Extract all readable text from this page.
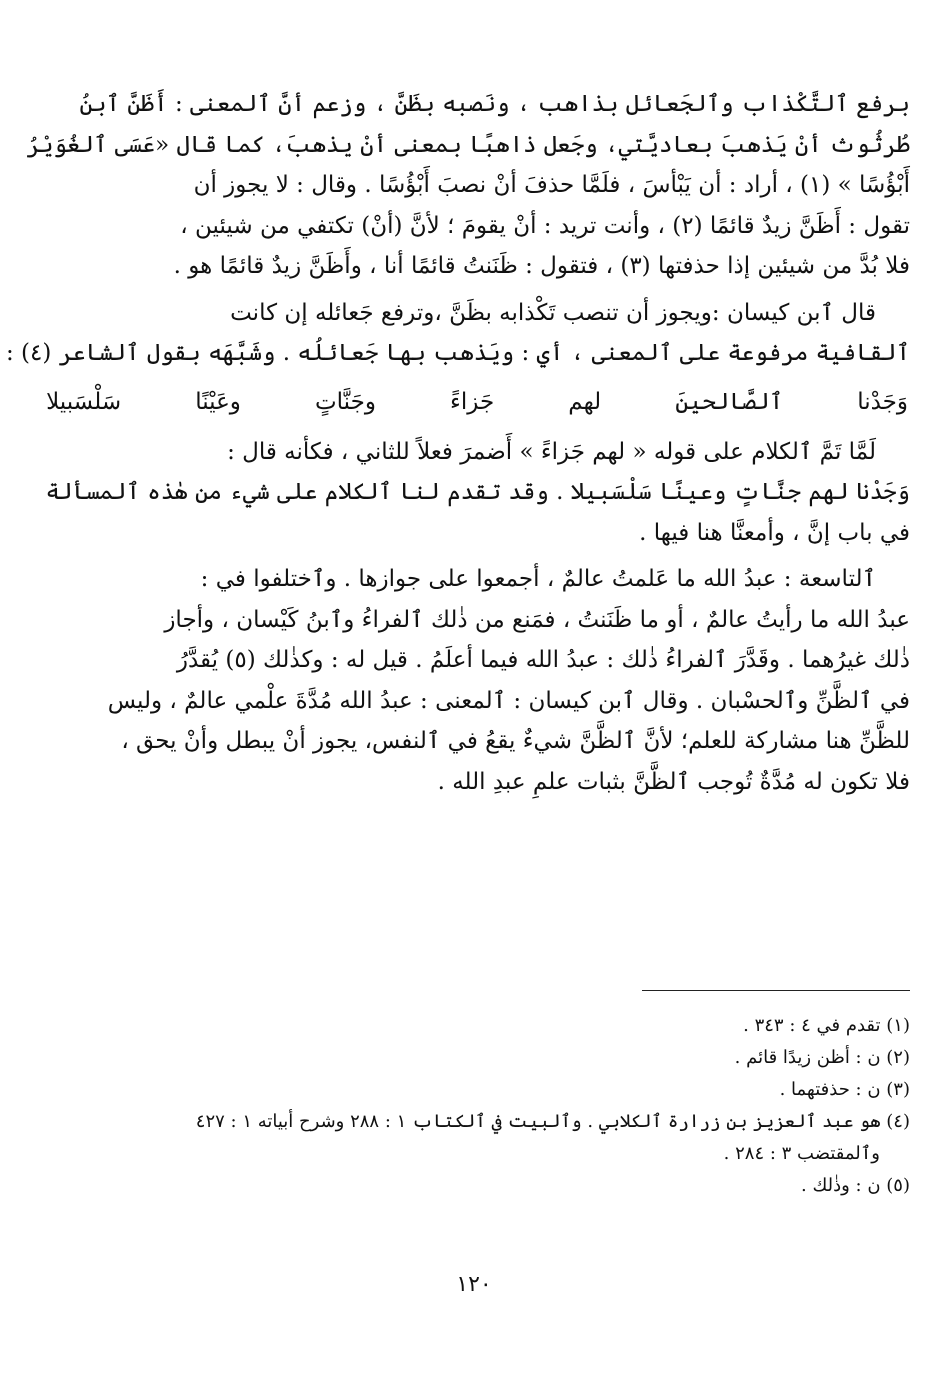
برفع ٱلتَّكْذاب وٱلجَعائل بذاهب ، ونَصبه بظَنَّ ، وزعم أنَّ ٱلمعنى : أَظَنَّ ٱبنُ
طُرثُوث أنْ يَذهبَ بعاديَّتي، وجَعل ذاهبًا بمعنى أنْ يذهبَ، كما قال «عَسَى ٱلغُوَيْرُ
أَبْؤُسًا » (١) ، أراد : أن يَبْأسَ ، فلَمَّا حذفَ أنْ نصبَ أَبْؤُسًا . وقال : لا يجوز أن
تقول : أَظَنَّ زيدٌ قائمًا (٢) ، وأنت تريد : أنْ يقومَ ؛ لأنَّ (أنْ) تكتفي من شيئين ،
فلا بُدَّ من شيئين إذا حذفتها (٣) ، فتقول : ظَنَنتُ قائمًا أنا ، وأَظَنَّ زيدٌ قائمًا هو .

قال ٱبن كيسان :ويجوز أن تنصب تَكْذابه بظَنَّ ،وترفع جَعائله إن كانت
ٱلقافية مرفوعة على ٱلمعنى ، أي : ويَذهب بها جَعائلُه . وشَبَّهَه بقول ٱلشاعر (٤) :

وَجَدْنا
ٱلصَّالحينَ
لهم
جَزاءً
وجَنَّاتٍ
وعَيْنًا
سَلْسَبيلا

لَمَّا تَمَّ ٱلكلام على قوله « لهم جَزاءً » أَضمرَ فعلاً للثاني ، فكأنه قال :
وَجَدْنا لهم جنَّاتٍ وعينًا سَلْسَبيلا . وقد تقدم لنا ٱلكلام على شيء من هٰذه ٱلمسألة
في باب إنَّ ، وأمعنَّا هنا فيها .

ٱلتاسعة : عبدُ الله ما عَلمتُ عالمٌ ، أجمعوا على جوازها . وٱختلفوا في :
عبدُ الله ما رأيتُ عالمٌ ، أو ما ظَنَنتُ ، فمَنع من ذٰلك ٱلفراءُ وٱبنُ كَيْسان ، وأجاز
ذٰلك غيرُهما . وقَدَّرَ ٱلفراءُ ذٰلك : عبدُ الله فيما أعلَمُ . قيل له : وكذٰلك (٥) يُقدَّرُ
في ٱلظَّنِّ وٱلحسْبان . وقال ٱبن كيسان : ٱلمعنى : عبدُ الله مُدَّةَ علْمي عالمٌ ، وليس
للظَّنِّ هنا مشاركة للعلم؛ لأنَّ ٱلظَّنَّ شيءٌ يقعُ في ٱلنفس، يجوز أنْ يبطل وأنْ يحق ،
فلا تكون له مُدَّةٌ تُوجب ٱلظَّنَّ بثبات علمِ عبدِ الله .

(١) تقدم في ٤ : ٣٤٣ .

(٢) ن : أظن زيدًا قائم .

(٣) ن : حذفتهما .

(٤) هو عبد ٱلعزيز بن زرارة ٱلكلابي . وٱلبيت في ٱلكتاب ١ : ٢٨٨ وشرح أبياته ١ : ٤٢٧

وٱلمقتضب ٣ : ٢٨٤ .

(٥) ن : وذٰلك .

١٢٠
